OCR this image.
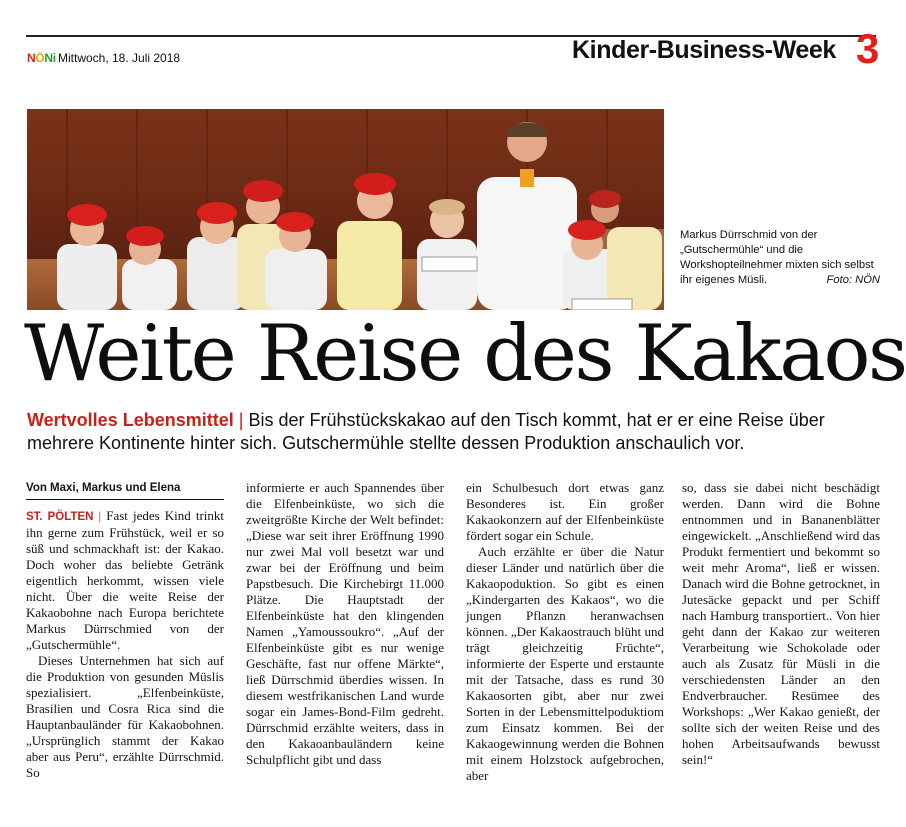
NÖNi Mittwoch, 18. Juli 2018	Kinder-Business-Week 3
Markus Dürrschmid von der „Gutschermühle“ und die Workshopteilnehmer mixten sich selbst ihr eigenes Müsli.	Foto: NÖN
Weite Reise des Kakaos
Wertvolles Lebensmittel | Bis der Frühstückskakao auf den Tisch kommt, hat er er eine Reise über mehrere Kontinente hinter sich. Gutschermühle stellte dessen Produktion anschaulich vor.
Von Maxi, Markus und Elena

ST. PÖLTEN | Fast jedes Kind trinkt ihn gerne zum Frühstück, weil er so süß und schmackhaft ist: der Kakao. Doch woher das beliebte Getränk eigentlich herkommt, wissen viele nicht. Über die weite Reise der Kakaobohne nach Europa berichtete Markus Dürrschmied von der „Gutschermühle“.

Dieses Unternehmen hat sich auf die Produktion von gesunden Müslis spezialisiert. „Elfenbeinküste, Brasilien und Cosra Rica sind die Hauptanbauländer für Kakaobohnen. „Ursprünglich stammt der Kakao aber aus Peru“, erzählte Dürrschmid. So

informierte er auch Spannendes über die Elfenbeinküste, wo sich die zweitgrößte Kirche der Welt befindet: „Diese war seit ihrer Eröffnung 1990 nur zwei Mal voll besetzt war und zwar bei der Eröffnung und beim Papstbesuch. Die Kirchebirgt 11.000 Plätze. Die Hauptstadt der Elfenbeinküste hat den klingenden Namen „Yamoussoukro“. „Auf der Elfenbeinküste gibt es nur wenige Geschäfte, fast nur offene Märkte“, ließ Dürrschmid überdies wissen. In diesem westfrikanischen Land wurde sogar ein James-Bond-Film gedreht. Dürrschmid erzählte weiters, dass in den Kakaoanbauländern keine Schulpflicht gibt und dass

ein Schulbesuch dort etwas ganz Besonderes ist. Ein großer Kakaokonzern auf der Elfenbeinküste fördert sogar ein Schule.

Auch erzählte er über die Natur dieser Länder und natürlich über die Kakaopoduktion. So gibt es einen „Kindergarten des Kakaos“, wo die jungen Pflanzn heranwachsen können. „Der Kakaostrauch blüht und trägt gleichzeitig Früchte“, informierte der Esperte und erstaunte mit der Tatsache, dass es rund 30 Kakaosorten gibt, aber nur zwei Sorten in der Lebensmittelpoduktiom zum Einsatz kommen. Bei der Kakaogewinnung werden die Bohnen mit einem Holzstock aufgebrochen, aber

so, dass sie dabei nicht beschädigt werden. Dann wird die Bohne entnommen und in Bananenblätter eingewickelt. „Anschließend wird das Produkt fermentiert und bekommt so weit mehr Aroma“, ließ er wissen. Danach wird die Bohne getrocknet, in Jutesäcke gepackt und per Schiff nach Hamburg transportiert.. Von hier geht dann der Kakao zur weiteren Verarbeitung wie Schokolade oder auch als Zusatz für Müsli in die verschiedensten Länder an den Endverbraucher. Resümee des Workshops: „Wer Kakao genießt, der sollte sich der weiten Reise und des hohen Arbeitsaufwands bewusst sein!“
